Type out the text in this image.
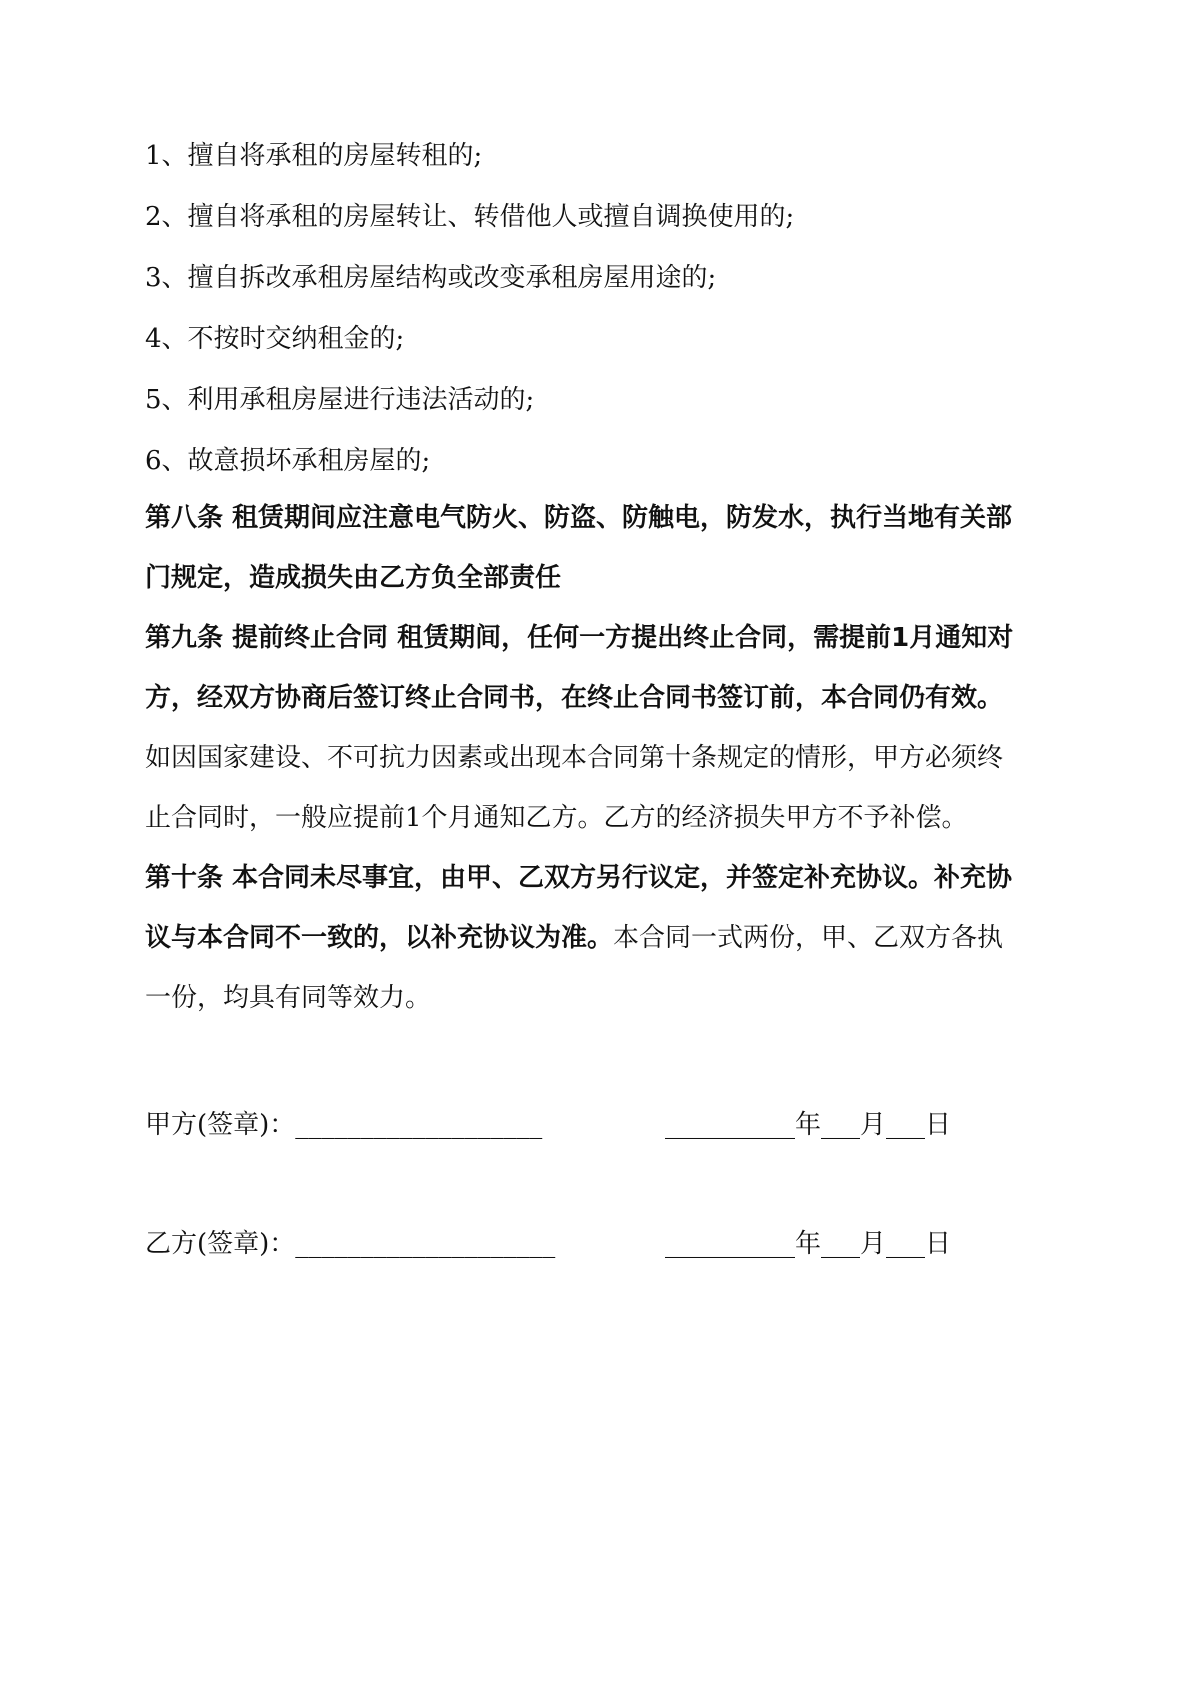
1、擅自将承租的房屋转租的;
2、擅自将承租的房屋转让、转借他人或擅自调换使用的;
3、擅自拆改承租房屋结构或改变承租房屋用途的;
4、不按时交纳租金的;
5、利用承租房屋进行违法活动的;
6、故意损坏承租房屋的;
第八条 租赁期间应注意电气防火、防盗、防触电，防发水，执行当地有关部
门规定，造成损失由乙方负全部责任
第九条 提前终止合同 租赁期间，任何一方提出终止合同，需提前1月通知对
方，经双方协商后签订终止合同书，在终止合同书签订前，本合同仍有效。
如因国家建设、不可抗力因素或出现本合同第十条规定的情形，甲方必须终
止合同时，一般应提前1个月通知乙方。乙方的经济损失甲方不予补偿。
第十条 本合同未尽事宜，由甲、乙双方另行议定，并签定补充协议。补充协
议与本合同不一致的，以补充协议为准。本合同一式两份，甲、乙双方各执
一份，均具有同等效力。
甲方(签章)：___________________	__________年___月___日
乙方(签章)：____________________	__________年___月___日
